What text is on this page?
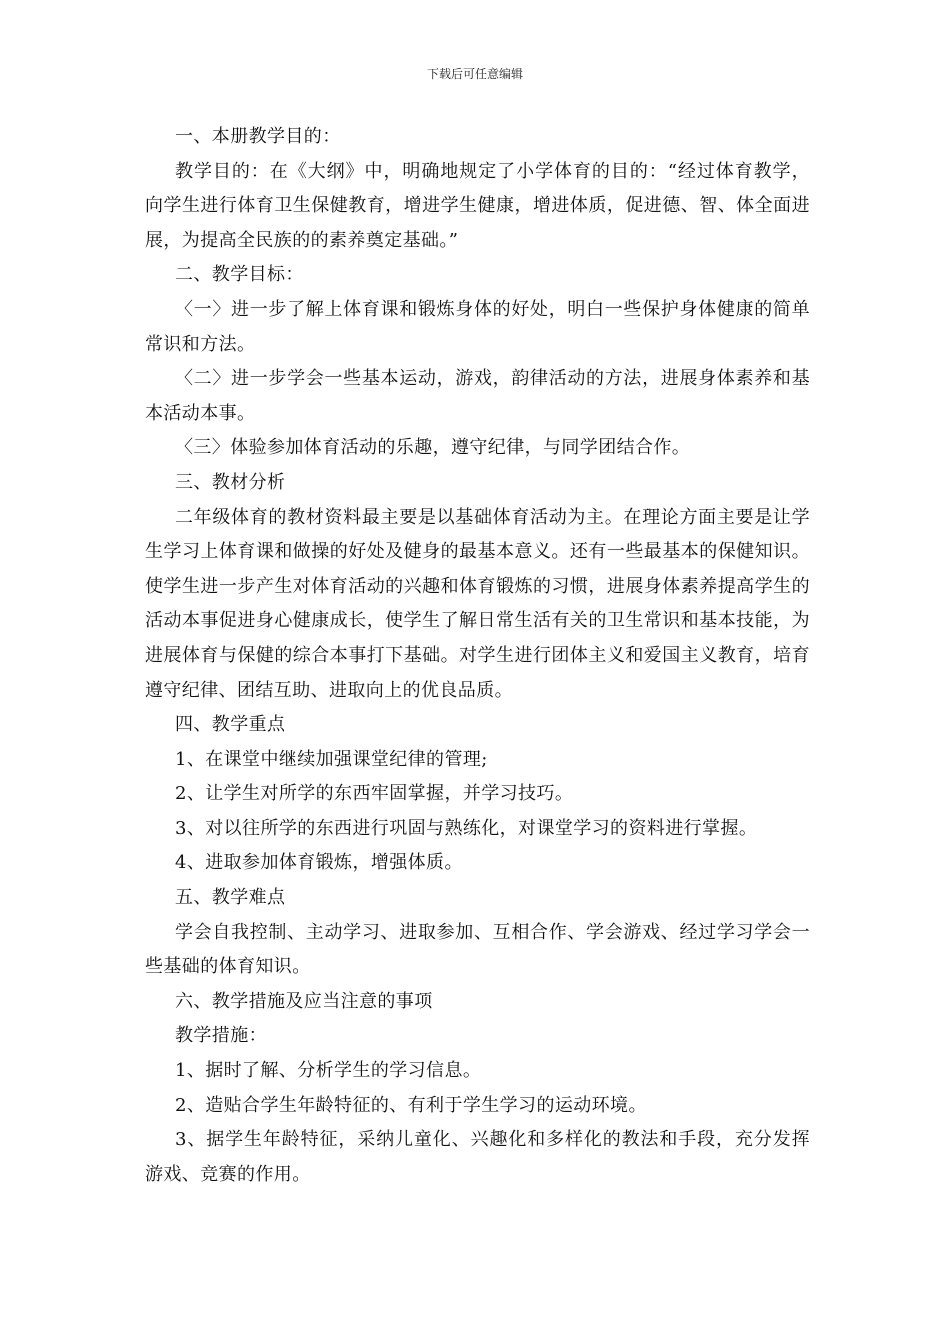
下载后可任意编辑

一、本册教学目的：

教学目的：在《大纲》中，明确地规定了小学体育的目的：“经过体育教学，向学生进行体育卫生保健教育，增进学生健康，增进体质，促进德、智、体全面进展，为提高全民族的的素养奠定基础。”

二、教学目标：

〈一〉进一步了解上体育课和锻炼身体的好处，明白一些保护身体健康的简单常识和方法。

〈二〉进一步学会一些基本运动，游戏，韵律活动的方法，进展身体素养和基本活动本事。

〈三〉体验参加体育活动的乐趣，遵守纪律，与同学团结合作。

三、教材分析

二年级体育的教材资料最主要是以基础体育活动为主。在理论方面主要是让学生学习上体育课和做操的好处及健身的最基本意义。还有一些最基本的保健知识。使学生进一步产生对体育活动的兴趣和体育锻炼的习惯，进展身体素养提高学生的活动本事促进身心健康成长，使学生了解日常生活有关的卫生常识和基本技能，为进展体育与保健的综合本事打下基础。对学生进行团体主义和爱国主义教育，培育遵守纪律、团结互助、进取向上的优良品质。

四、教学重点

1、在课堂中继续加强课堂纪律的管理;

2、让学生对所学的东西牢固掌握，并学习技巧。

3、对以往所学的东西进行巩固与熟练化，对课堂学习的资料进行掌握。

4、进取参加体育锻炼，增强体质。

五、教学难点

学会自我控制、主动学习、进取参加、互相合作、学会游戏、经过学习学会一些基础的体育知识。

六、教学措施及应当注意的事项

教学措施：

1、据时了解、分析学生的学习信息。

2、造贴合学生年龄特征的、有利于学生学习的运动环境。

3、据学生年龄特征，采纳儿童化、兴趣化和多样化的教法和手段，充分发挥游戏、竞赛的作用。
